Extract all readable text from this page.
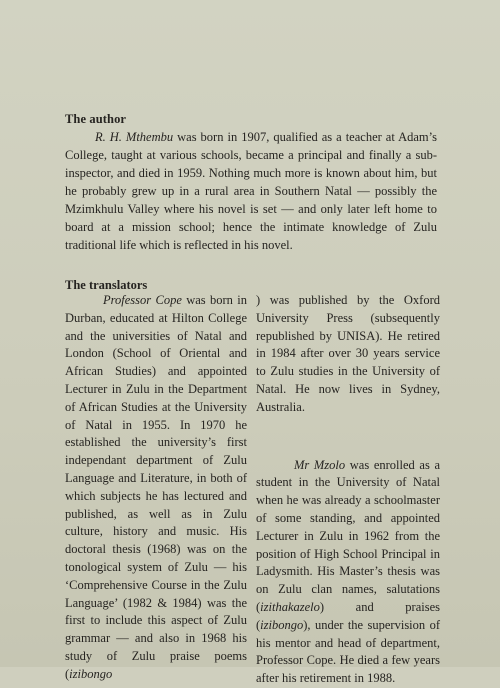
The author
R. H. Mthembu was born in 1907, qualified as a teacher at Adam’s College, taught at various schools, became a principal and finally a sub-inspector, and died in 1959. Nothing much more is known about him, but he probably grew up in a rural area in Southern Natal — possibly the Mzimkhulu Valley where his novel is set — and only later left home to board at a mission school; hence the intimate knowledge of Zulu traditional life which is reflected in his novel.
The translators

Professor Cope was born in Durban, educated at Hilton College and the universities of Natal and London (School of Oriental and African Studies) and appointed Lecturer in Zulu in the Department of African Studies at the University of Natal in 1955. In 1970 he established the university’s first independant department of Zulu Language and Literature, in both of which subjects he has lectured and published, as well as in Zulu culture, history and music. His doctoral thesis (1968) was on the tonological system of Zulu — his ‘Comprehensive Course in the Zulu Language’ (1982 & 1984) was the first to include this aspect of Zulu grammar — and also in 1968 his study of Zulu praise poems (izibongo

) was published by the Oxford University Press (subsequently republished by UNISA). He retired in 1984 after over 30 years service to Zulu studies in the University of Natal. He now lives in Sydney, Australia.

Mr Mzolo was enrolled as a student in the University of Natal when he was already a schoolmaster of some standing, and appointed Lecturer in Zulu in 1962 from the position of High School Principal in Ladysmith. His Master’s thesis was on Zulu clan names, salutations (izithakazelo) and praises (izibongo), under the supervision of his mentor and head of department, Professor Cope. He died a few years after his retirement in 1988.
